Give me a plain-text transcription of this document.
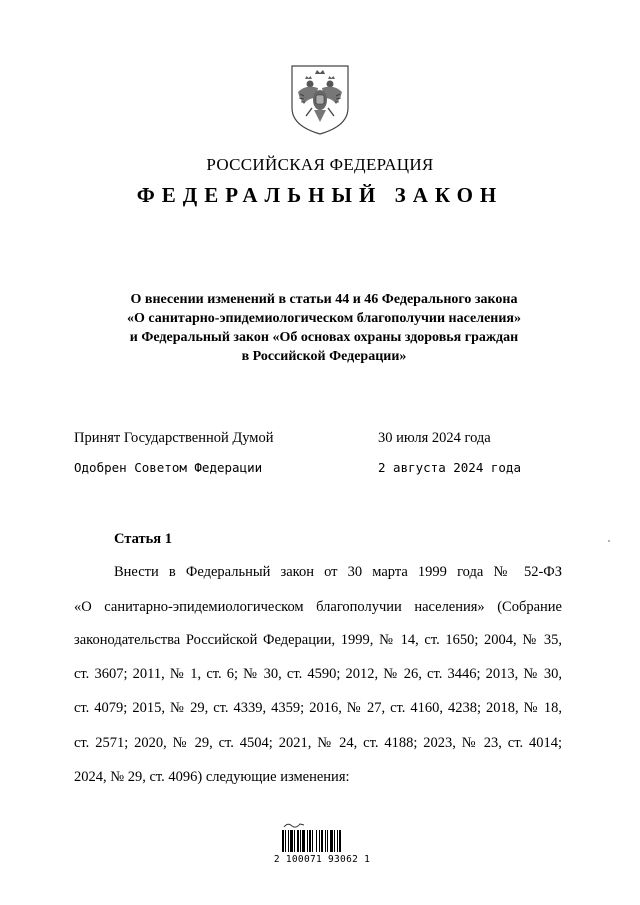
РОССИЙСКАЯ ФЕДЕРАЦИЯ
ФЕДЕРАЛЬНЫЙ ЗАКОН
О внесении изменений в статьи 44 и 46 Федерального закона
«О санитарно-эпидемиологическом благополучии населения»
и Федеральный закон «Об основах охраны здоровья граждан
в Российской Федерации»
Принят Государственной Думой	30 июля 2024 года
Одобрен Советом Федерации	2 августа 2024 года
Статья 1
Внести в Федеральный закон от 30 марта 1999 года № 52-ФЗ
«О санитарно-эпидемиологическом благополучии населения» (Собрание
законодательства Российской Федерации, 1999, № 14, ст. 1650; 2004, № 35,
ст. 3607; 2011, № 1, ст. 6; № 30, ст. 4590; 2012, № 26, ст. 3446; 2013, № 30,
ст. 4079; 2015, № 29, ст. 4339, 4359; 2016, № 27, ст. 4160, 4238; 2018, № 18,
ст. 2571; 2020, № 29, ст. 4504; 2021, № 24, ст. 4188; 2023, № 23, ст. 4014;
2024, № 29, ст. 4096) следующие изменения:
2 100071 93062 1
